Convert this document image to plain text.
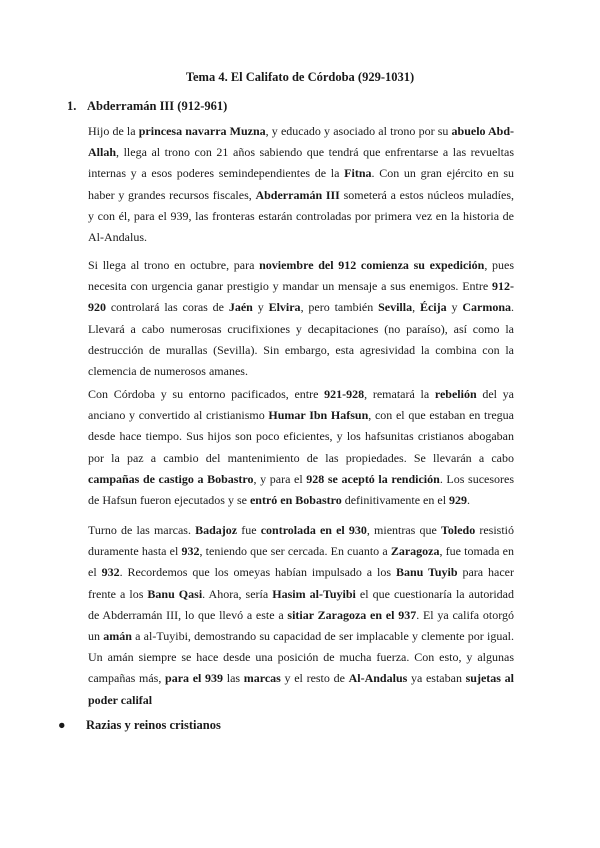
Tema 4. El Califato de Córdoba (929-1031)
1. Abderramán III (912-961)

Hijo de la princesa navarra Muzna, y educado y asociado al trono por su abuelo Abd-Allah, llega al trono con 21 años sabiendo que tendrá que enfrentarse a las revueltas internas y a esos poderes semindependientes de la Fitna. Con un gran ejército en su haber y grandes recursos fiscales, Abderramán III someterá a estos núcleos muladíes, y con él, para el 939, las fronteras estarán controladas por primera vez en la historia de Al-Andalus.

Si llega al trono en octubre, para noviembre del 912 comienza su expedición, pues necesita con urgencia ganar prestigio y mandar un mensaje a sus enemigos. Entre 912-920 controlará las coras de Jaén y Elvira, pero también Sevilla, Écija y Carmona. Llevará a cabo numerosas crucifixiones y decapitaciones (no paraíso), así como la destrucción de murallas (Sevilla). Sin embargo, esta agresividad la combina con la clemencia de numerosos amanes.

Con Córdoba y su entorno pacificados, entre 921-928, rematará la rebelión del ya anciano y convertido al cristianismo Humar Ibn Hafsun, con el que estaban en tregua desde hace tiempo. Sus hijos son poco eficientes, y los hafsunitas cristianos abogaban por la paz a cambio del mantenimiento de las propiedades. Se llevarán a cabo campañas de castigo a Bobastro, y para el 928 se aceptó la rendición. Los sucesores de Hafsun fueron ejecutados y se entró en Bobastro definitivamente en el 929.

Turno de las marcas. Badajoz fue controlada en el 930, mientras que Toledo resistió duramente hasta el 932, teniendo que ser cercada. En cuanto a Zaragoza, fue tomada en el 932. Recordemos que los omeyas habían impulsado a los Banu Tuyib para hacer frente a los Banu Qasi. Ahora, sería Hasim al-Tuyibi el que cuestionaría la autoridad de Abderramán III, lo que llevó a este a sitiar Zaragoza en el 937. El ya califa otorgó un amán a al-Tuyibi, demostrando su capacidad de ser implacable y clemente por igual. Un amán siempre se hace desde una posición de mucha fuerza. Con esto, y algunas campañas más, para el 939 las marcas y el resto de Al-Andalus ya estaban sujetas al poder califal

● Razias y reinos cristianos
